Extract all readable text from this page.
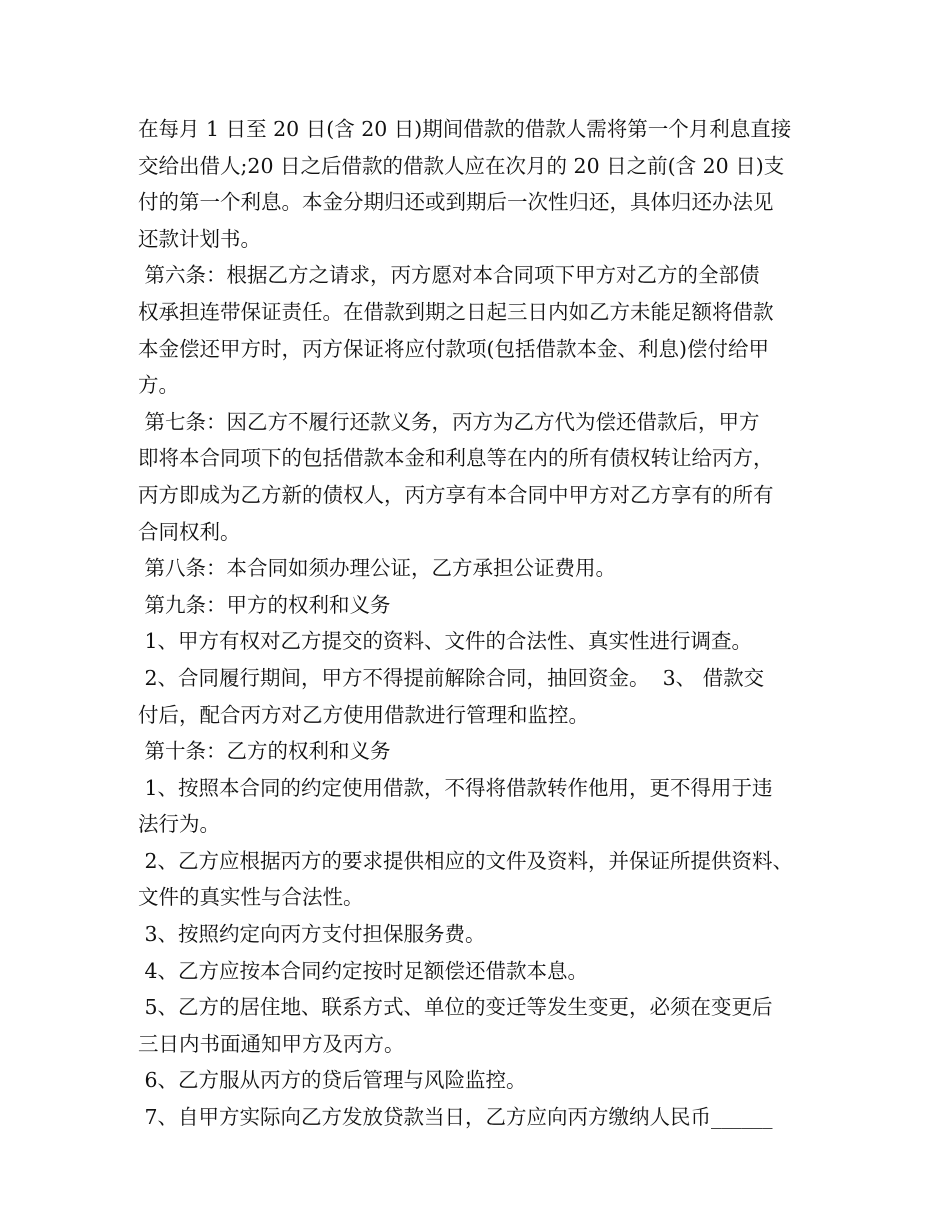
在每月 1 日至 20 日(含 20 日)期间借款的借款人需将第一个月利息直接
交给出借人;20 日之后借款的借款人应在次月的 20 日之前(含 20 日)支
付的第一个利息。本金分期归还或到期后一次性归还，具体归还办法见
还款计划书。
第六条：根据乙方之请求，丙方愿对本合同项下甲方对乙方的全部债
权承担连带保证责任。在借款到期之日起三日内如乙方未能足额将借款
本金偿还甲方时，丙方保证将应付款项(包括借款本金、利息)偿付给甲
方。
第七条：因乙方不履行还款义务，丙方为乙方代为偿还借款后，甲方
即将本合同项下的包括借款本金和利息等在内的所有债权转让给丙方，
丙方即成为乙方新的债权人，丙方享有本合同中甲方对乙方享有的所有
合同权利。
第八条：本合同如须办理公证，乙方承担公证费用。
第九条：甲方的权利和义务
1、甲方有权对乙方提交的资料、文件的合法性、真实性进行调查。
2、合同履行期间，甲方不得提前解除合同，抽回资金。  3、 借款交
付后，配合丙方对乙方使用借款进行管理和监控。
第十条：乙方的权利和义务
1、按照本合同的约定使用借款，不得将借款转作他用，更不得用于违
法行为。
2、乙方应根据丙方的要求提供相应的文件及资料，并保证所提供资料、
文件的真实性与合法性。
3、按照约定向丙方支付担保服务费。
4、乙方应按本合同约定按时足额偿还借款本息。
5、乙方的居住地、联系方式、单位的变迁等发生变更，必须在变更后
三日内书面通知甲方及丙方。
6、乙方服从丙方的贷后管理与风险监控。
7、自甲方实际向乙方发放贷款当日，乙方应向丙方缴纳人民币______
